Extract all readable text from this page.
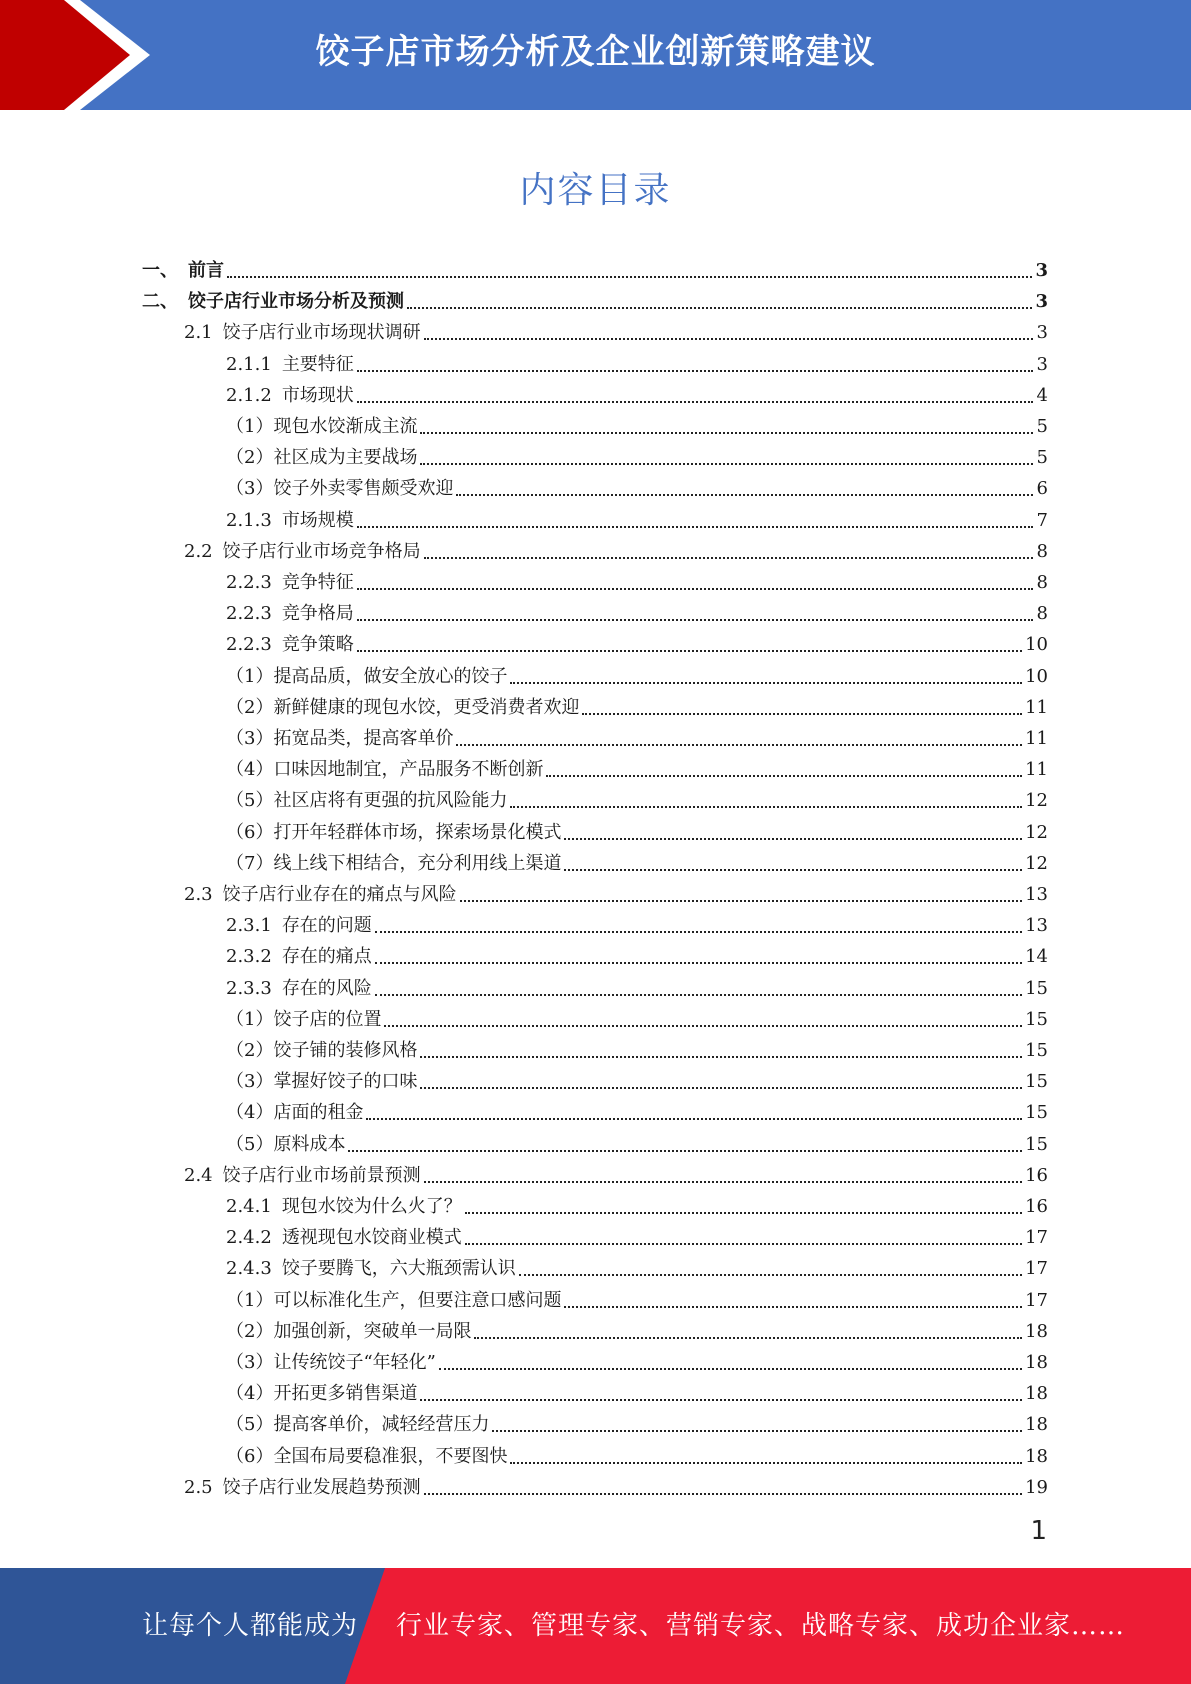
饺子店市场分析及企业创新策略建议
内容目录
一、 前言	3
二、 饺子店行业市场分析及预测	3
2.1 饺子店行业市场现状调研	3
2.1.1 主要特征	3
2.1.2 市场现状	4
（1）现包水饺渐成主流	5
（2）社区成为主要战场	5
（3）饺子外卖零售颇受欢迎	6
2.1.3 市场规模	7
2.2 饺子店行业市场竞争格局	8
2.2.3 竞争特征	8
2.2.3 竞争格局	8
2.2.3 竞争策略	10
（1）提高品质，做安全放心的饺子	10
（2）新鲜健康的现包水饺，更受消费者欢迎	11
（3）拓宽品类，提高客单价	11
（4）口味因地制宜，产品服务不断创新	11
（5）社区店将有更强的抗风险能力	12
（6）打开年轻群体市场，探索场景化模式	12
（7）线上线下相结合，充分利用线上渠道	12
2.3 饺子店行业存在的痛点与风险	13
2.3.1 存在的问题	13
2.3.2 存在的痛点	14
2.3.3 存在的风险	15
（1）饺子店的位置	15
（2）饺子铺的装修风格	15
（3）掌握好饺子的口味	15
（4）店面的租金	15
（5）原料成本	15
2.4 饺子店行业市场前景预测	16
2.4.1 现包水饺为什么火了？	16
2.4.2 透视现包水饺商业模式	17
2.4.3 饺子要腾飞，六大瓶颈需认识	17
（1）可以标准化生产，但要注意口感问题	17
（2）加强创新，突破单一局限	18
（3）让传统饺子“年轻化”	18
（4）开拓更多销售渠道	18
（5）提高客单价，减轻经营压力	18
（6）全国布局要稳准狠，不要图快	18
2.5 饺子店行业发展趋势预测	19
1
让每个人都能成为 行业专家、管理专家、营销专家、战略专家、成功企业家……
